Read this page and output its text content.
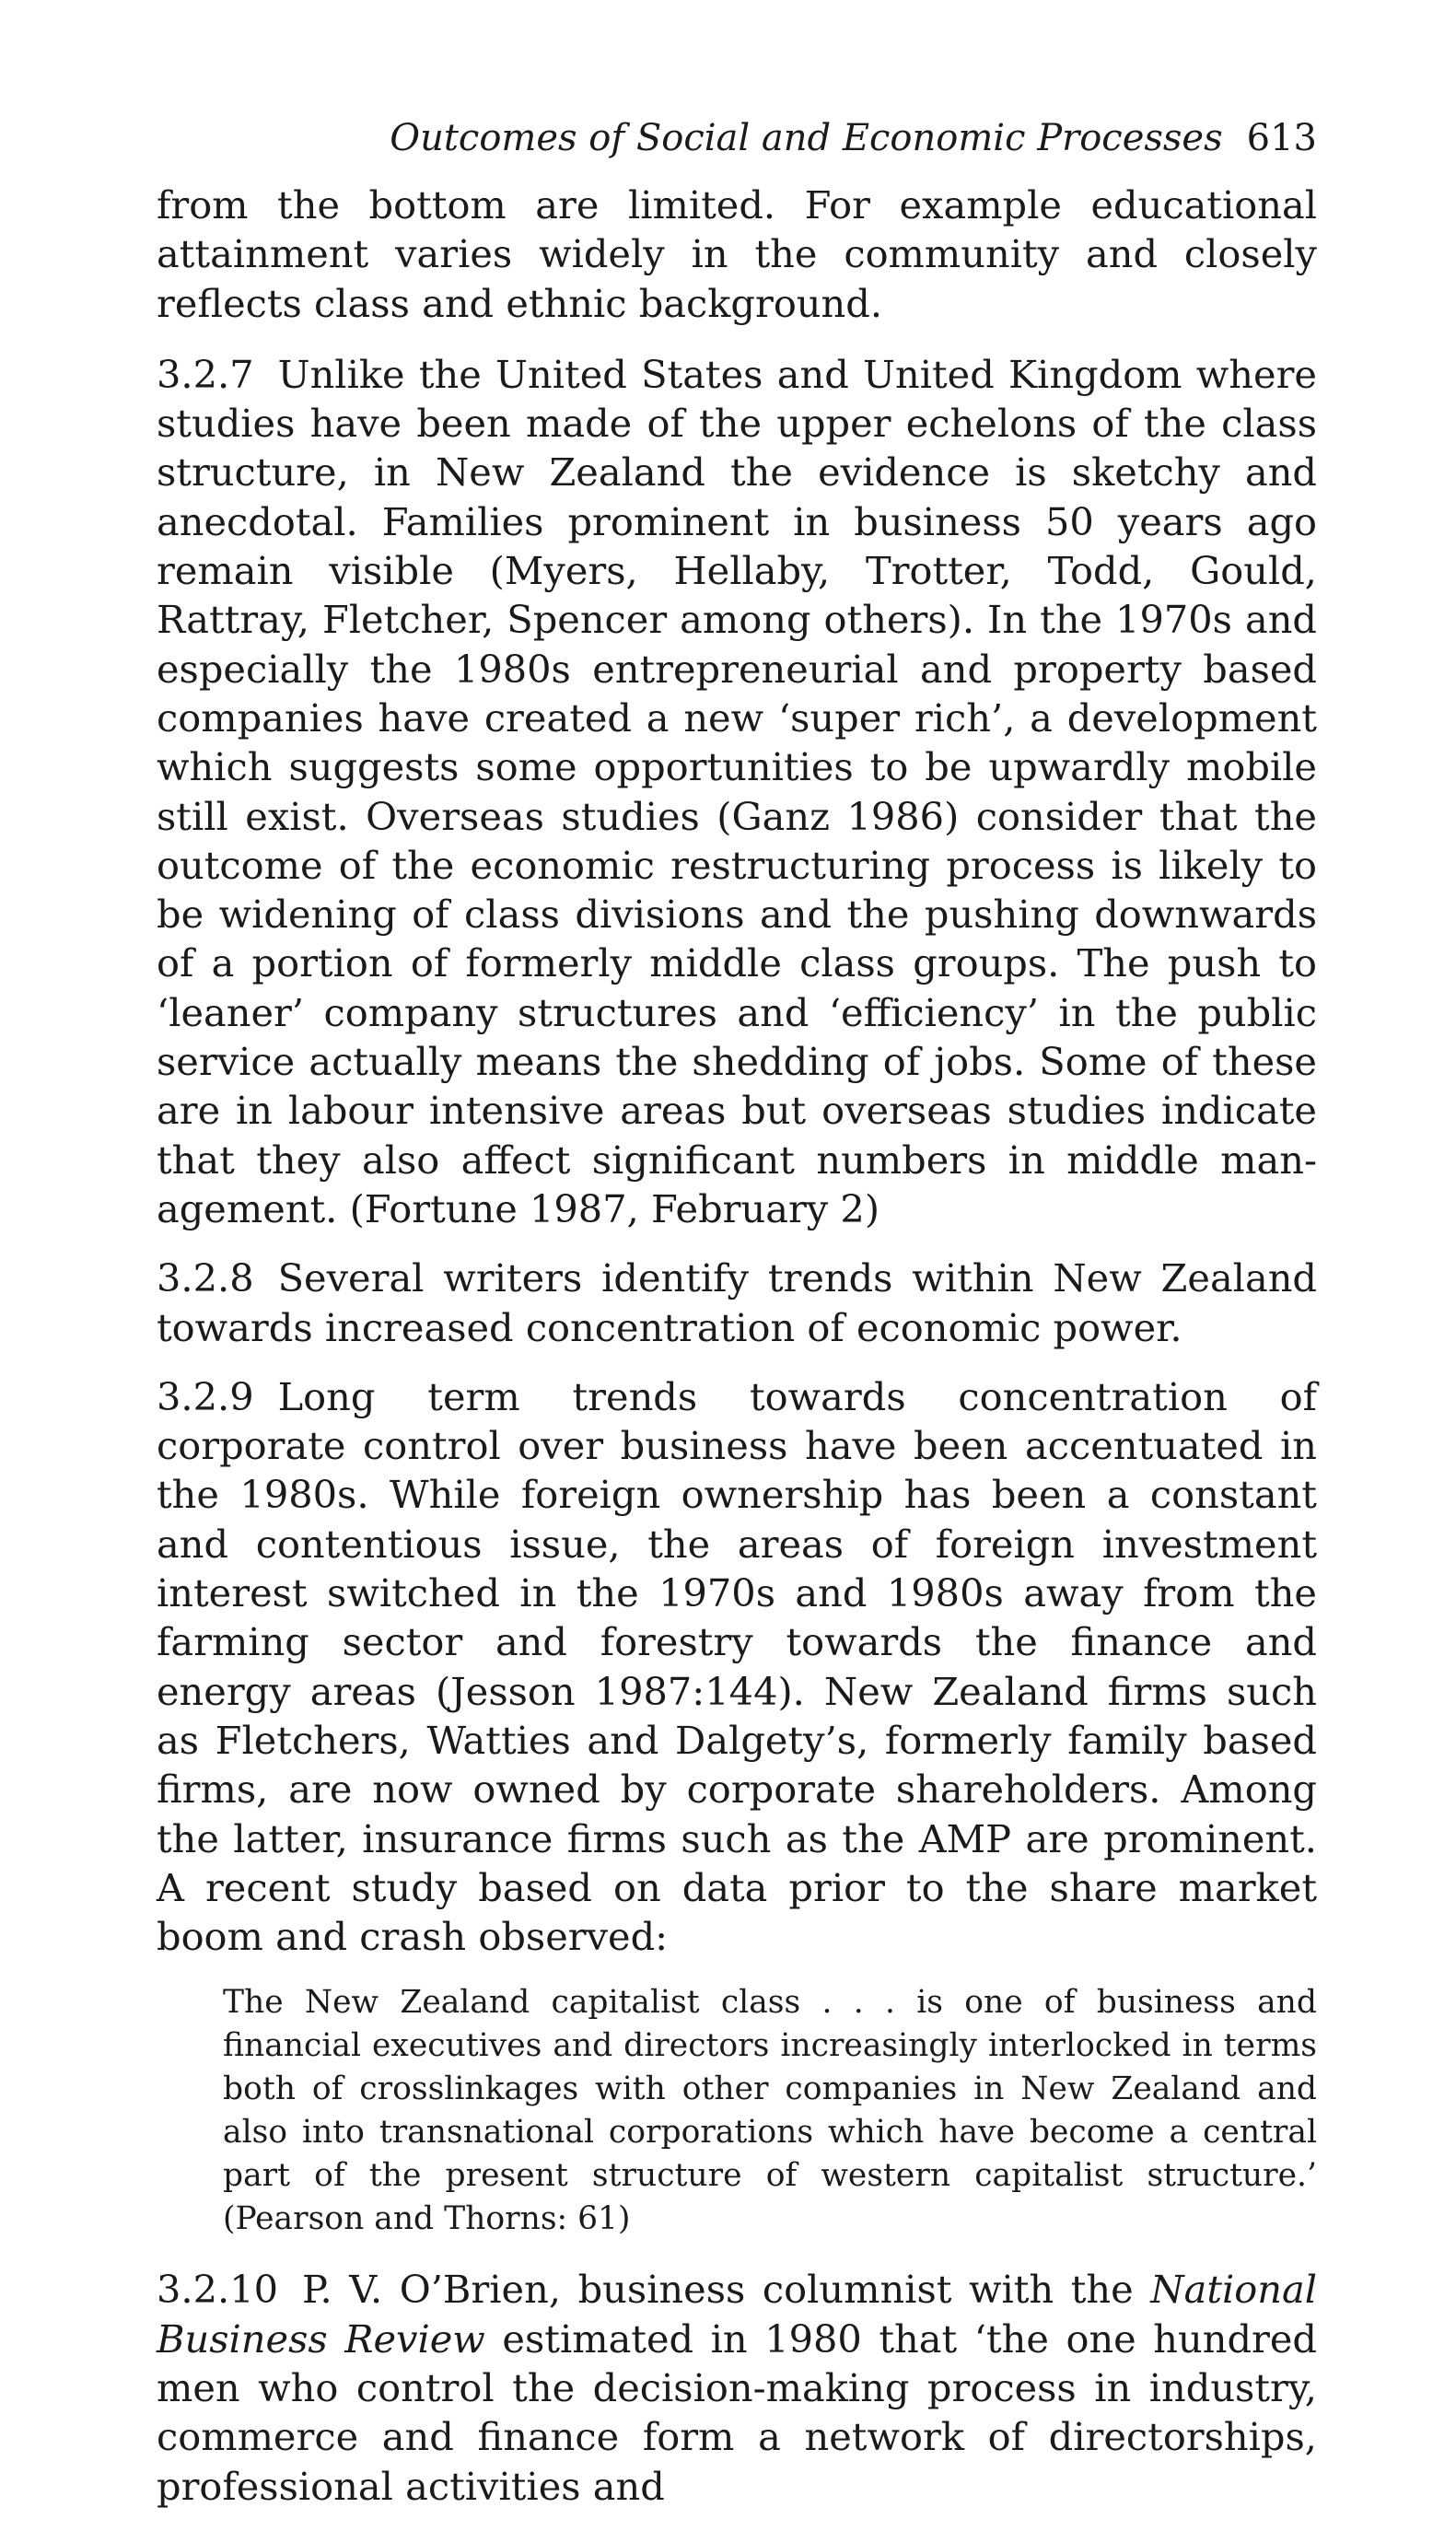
Outcomes of Social and Economic Processes 613

from the bottom are limited. For example educational attainment varies widely in the community and closely reflects class and ethnic background.

3.2.7 Unlike the United States and United Kingdom where studies have been made of the upper echelons of the class structure, in New Zealand the evidence is sketchy and anecdotal. Families prominent in business 50 years ago remain visible (Myers, Hellaby, Trotter, Todd, Gould, Rattray, Fletcher, Spencer among others). In the 1970s and especially the 1980s entrepreneurial and property based companies have created a new ‘super rich’, a development which suggests some opportunities to be upwardly mobile still exist. Overseas studies (Ganz 1986) consider that the outcome of the economic restructuring process is likely to be widening of class divisions and the pushing downwards of a portion of formerly middle class groups. The push to ‘leaner’ company structures and ‘efficiency’ in the public service actually means the shedding of jobs. Some of these are in labour intensive areas but overseas studies indicate that they also affect significant numbers in middle management. (Fortune 1987, February 2)

3.2.8 Several writers identify trends within New Zealand towards increased concentration of economic power.

3.2.9 Long term trends towards concentration of corporate control over business have been accentuated in the 1980s. While foreign ownership has been a constant and contentious issue, the areas of foreign investment interest switched in the 1970s and 1980s away from the farming sector and forestry towards the finance and energy areas (Jesson 1987:144). New Zealand firms such as Fletchers, Watties and Dalgety’s, formerly family based firms, are now owned by corporate shareholders. Among the latter, insurance firms such as the AMP are prominent. A recent study based on data prior to the share market boom and crash observed:

The New Zealand capitalist class . . . is one of business and financial executives and directors increasingly interlocked in terms both of crosslinkages with other companies in New Zealand and also into transnational corporations which have become a central part of the present structure of western capitalist structure.’ (Pearson and Thorns: 61)

3.2.10 P. V. O’Brien, business columnist with the National Business Review estimated in 1980 that ‘the one hundred men who control the decision-making process in industry, commerce and finance form a network of directorships, professional activities and
